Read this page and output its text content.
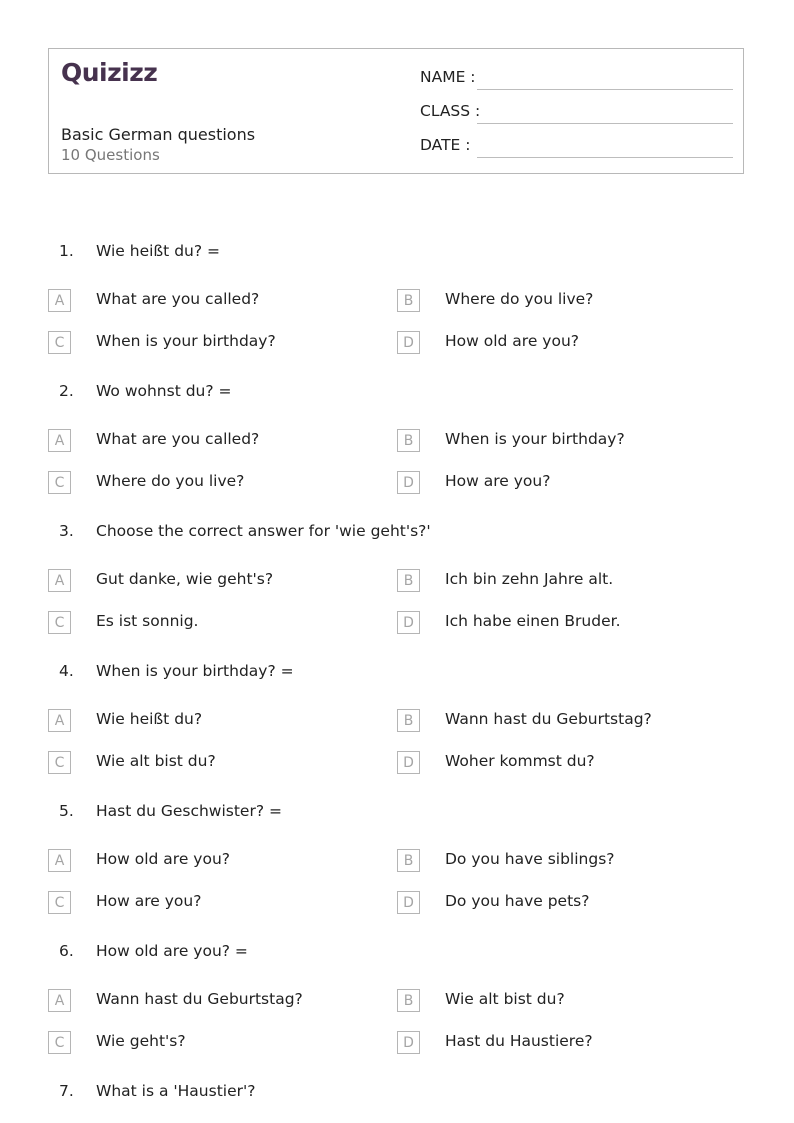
Quizizz
Basic German questions
10 Questions
NAME :
CLASS :
DATE :
1. Wie heißt du? =
A	What are you called?	B	Where do you live?
C	When is your birthday?	D	How old are you?
2. Wo wohnst du? =
A	What are you called?	B	When is your birthday?
C	Where do you live?	D	How are you?
3. Choose the correct answer for 'wie geht's?'
A	Gut danke, wie geht's?	B	Ich bin zehn Jahre alt.
C	Es ist sonnig.	D	Ich habe einen Bruder.
4. When is your birthday? =
A	Wie heißt du?	B	Wann hast du Geburtstag?
C	Wie alt bist du?	D	Woher kommst du?
5. Hast du Geschwister? =
A	How old are you?	B	Do you have siblings?
C	How are you?	D	Do you have pets?
6. How old are you? =
A	Wann hast du Geburtstag?	B	Wie alt bist du?
C	Wie geht's?	D	Hast du Haustiere?
7. What is a 'Haustier'?
